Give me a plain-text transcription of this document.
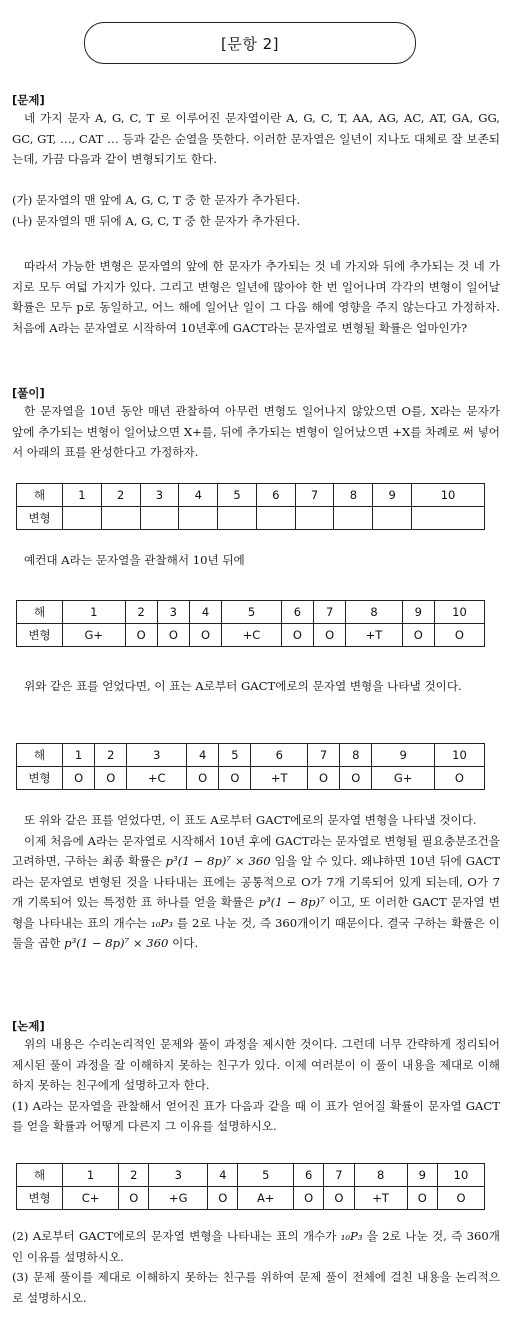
[문항 2]
[문제]

네 가지 문자 A, G, C, T 로 이루어진 문자열이란 A, G, C, T, AA, AG, AC, AT, GA, GG, GC, GT, …, CAT … 등과 같은 순열을 뜻한다. 이러한 문자열은 일년이 지나도 대체로 잘 보존되는데, 가끔 다음과 같이 변형되기도 한다.

(가) 문자열의 맨 앞에 A, G, C, T 중 한 문자가 추가된다.

(나) 문자열의 맨 뒤에 A, G, C, T 중 한 문자가 추가된다.

따라서 가능한 변형은 문자열의 앞에 한 문자가 추가되는 것 네 가지와 뒤에 추가되는 것 네 가지로 모두 여덟 가지가 있다. 그리고 변형은 일년에 많아야 한 번 일어나며 각각의 변형이 일어날 확률은 모두 p로 동일하고, 어느 해에 일어난 일이 그 다음 해에 영향을 주지 않는다고 가정하자. 처음에 A라는 문자열로 시작하여 10년후에 GACT라는 문자열로 변형될 확률은 얼마인가?

[풀이]

한 문자열을 10년 동안 매년 관찰하여 아무런 변형도 일어나지 않았으면 O를, X라는 문자가 앞에 추가되는 변형이 일어났으면 X+를, 뒤에 추가되는 변형이 일어났으면 +X를 차례로 써 넣어서 아래의 표를 완성한다고 가정하자.

해	1	2	3	4	5	6	7	8	9	10
변형										

예컨대 A라는 문자열을 관찰해서 10년 뒤에

해	1	2	3	4	5	6	7	8	9	10
변형	G+	O	O	O	+C	O	O	+T	O	O

위와 같은 표를 얻었다면, 이 표는 A로부터 GACT에로의 문자열 변형을 나타낼 것이다.

해	1	2	3	4	5	6	7	8	9	10
변형	O	O	+C	O	O	+T	O	O	G+	O

또 위와 같은 표를 얻었다면, 이 표도 A로부터 GACT에로의 문자열 변형을 나타낼 것이다.

이제 처음에 A라는 문자열로 시작해서 10년 후에 GACT라는 문자열로 변형될 필요충분조건을 고려하면, 구하는 최종 확률은 p³(1 − 8p)⁷ × 360 임을 알 수 있다. 왜냐하면 10년 뒤에 GACT라는 문자열로 변형된 것을 나타내는 표에는 공통적으로 O가 7개 기록되어 있게 되는데, O가 7개 기록되어 있는 특정한 표 하나를 얻을 확률은 p³(1 − 8p)⁷ 이고, 또 이러한 GACT 문자열 변형을 나타내는 표의 개수는 ₁₀P₃ 를 2로 나눈 것, 즉 360개이기 때문이다. 결국 구하는 확률은 이 둘을 곱한 p³(1 − 8p)⁷ × 360 이다.

[논제]

위의 내용은 수리논리적인 문제와 풀이 과정을 제시한 것이다. 그런데 너무 간략하게 정리되어 제시된 풀이 과정을 잘 이해하지 못하는 친구가 있다. 이제 여러분이 이 풀이 내용을 제대로 이해하지 못하는 친구에게 설명하고자 한다.

(1) A라는 문자열을 관찰해서 얻어진 표가 다음과 같을 때 이 표가 얻어질 확률이 문자열 GACT를 얻을 확률과 어떻게 다른지 그 이유를 설명하시오.

해	1	2	3	4	5	6	7	8	9	10
변형	C+	O	+G	O	A+	O	O	+T	O	O

(2) A로부터 GACT에로의 문자열 변형을 나타내는 표의 개수가 ₁₀P₃ 을 2로 나눈 것, 즉 360개인 이유를 설명하시오.

(3) 문제 풀이를 제대로 이해하지 못하는 친구를 위하여 문제 풀이 전체에 걸친 내용을 논리적으로 설명하시오.
